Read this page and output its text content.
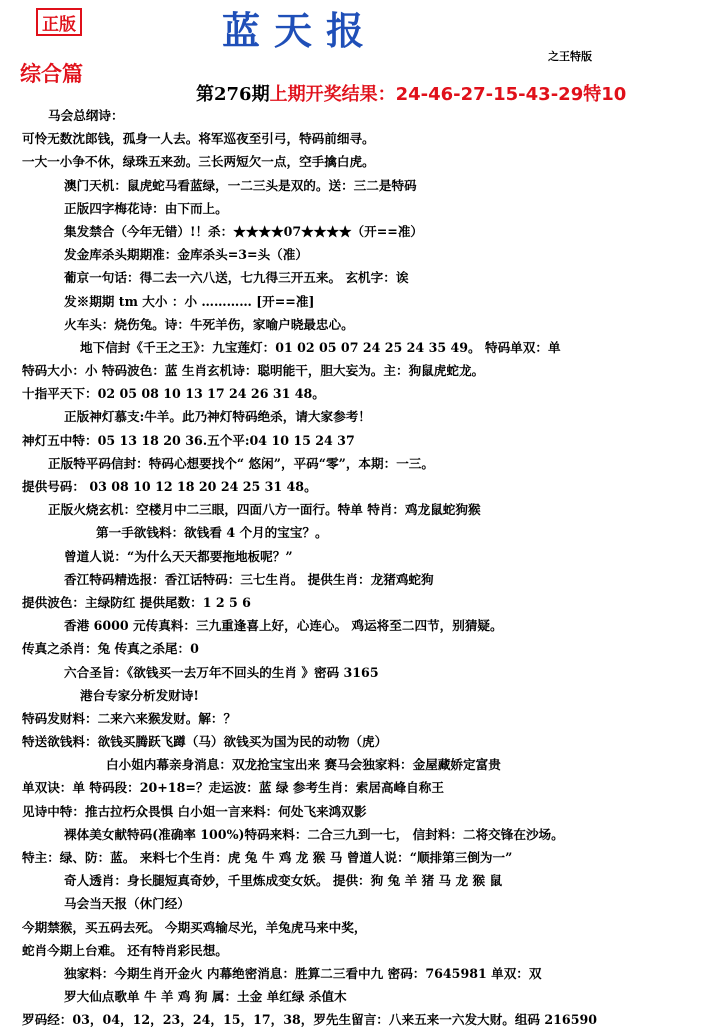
正版	蓝天报
之王特版
综合篇
第276期上期开奖结果：24-46-27-15-43-29特10
马会总纲诗：
可怜无数沈郎钱，孤身一人去。将军巡夜至引弓，特码前细寻。
一大一小争不休，绿珠五来劲。三长两短欠一点，空手擒白虎。
澳门天机：鼠虎蛇马看蓝绿，一二三头是双的。送：三二是特码
正版四字梅花诗：由下而上。
集发禁合（今年无错）!！杀：★★★★07★★★★（开==准）
发金库杀头期期准：金库杀头=3=头（准）
葡京一句话：得二去一六八送，七九得三开五来。 玄机字：诶
发※期期 tm 大小 ：小 ………… [开==准]
火车头：烧伤兔。诗：牛死羊伤，家喻户晓最忠心。
地下信封《千王之王》：九宝莲灯：01 02 05 07 24 25 24 35 49。 特码单双：单
特码大小：小 特码波色：蓝 生肖玄机诗：聪明能干，胆大妄为。主：狗鼠虎蛇龙。
十指平天下：02 05 08 10 13 17 24 26 31 48。
正版神灯慕支:牛羊。此乃神灯特码绝杀，请大家参考！
神灯五中特：05 13 18 20 36.五个平:04 10 15 24 37
正版特平码信封：特码心想要找个“ 悠闲”，平码“零”，本期：一三。
提供号码： 03 08 10 12 18 20 24 25 31 48。
正版火烧玄机：空楼月中二三眼，四面八方一面行。特单 特肖：鸡龙鼠蛇狗猴
第一手欲钱料：欲钱看 4 个月的宝宝？。
曾道人说：“为什么天天都要拖地板呢？”
香江特码精选报：香江话特码：三七生肖。 提供生肖：龙猪鸡蛇狗
提供波色：主绿防红 提供尾数：1 2 5 6
香港 6000 元传真料：三九重逢喜上好，心连心。 鸡运将至二四节，别猜疑。
传真之杀肖：兔 传真之杀尾：0
六合圣旨：《欲钱买一去万年不回头的生肖 》密码 3165
港台专家分析发财诗!
特码发财料：二来六来猴发财。解：？
特送欲钱料：欲钱买腾跃飞蹲（马）欲钱买为国为民的动物（虎）
白小姐内幕亲身消息：双龙抢宝宝出来 赛马会独家料：金屋藏娇定富贵
单双诀：单 特码段：20+18=？走运波：蓝 绿 参考生肖：索居高峰自称王
见诗中特：推古拉朽众畏惧 白小姐一言来料：何处飞来鸿双影
裸体美女献特码(准确率 100%)特码来料：二合三九到一七， 信封料：二将交锋在沙场。
特主：绿、防：蓝。 来料七个生肖：虎 兔 牛 鸡 龙 猴 马 曾道人说：“顺排第三倒为一”
奇人透肖：身长腿短真奇妙，千里炼成变女妖。 提供：狗 兔 羊 猪 马 龙 猴 鼠
马会当天报（休门经）
今期禁猴，买五码去死。 今期买鸡输尽光，羊兔虎马来中奖，
蛇肖今期上台难。 还有特肖彩民想。
独家料：今期生肖开金火 内幕绝密消息：胜算二三看中九 密码：7645981 单双：双
罗大仙点歌单 牛 羊 鸡 狗 属：土金 单红绿 杀值木
罗码经：03，04，12，23，24，15，17，38，罗先生留言：八来五来一六发大财。组码 216590
